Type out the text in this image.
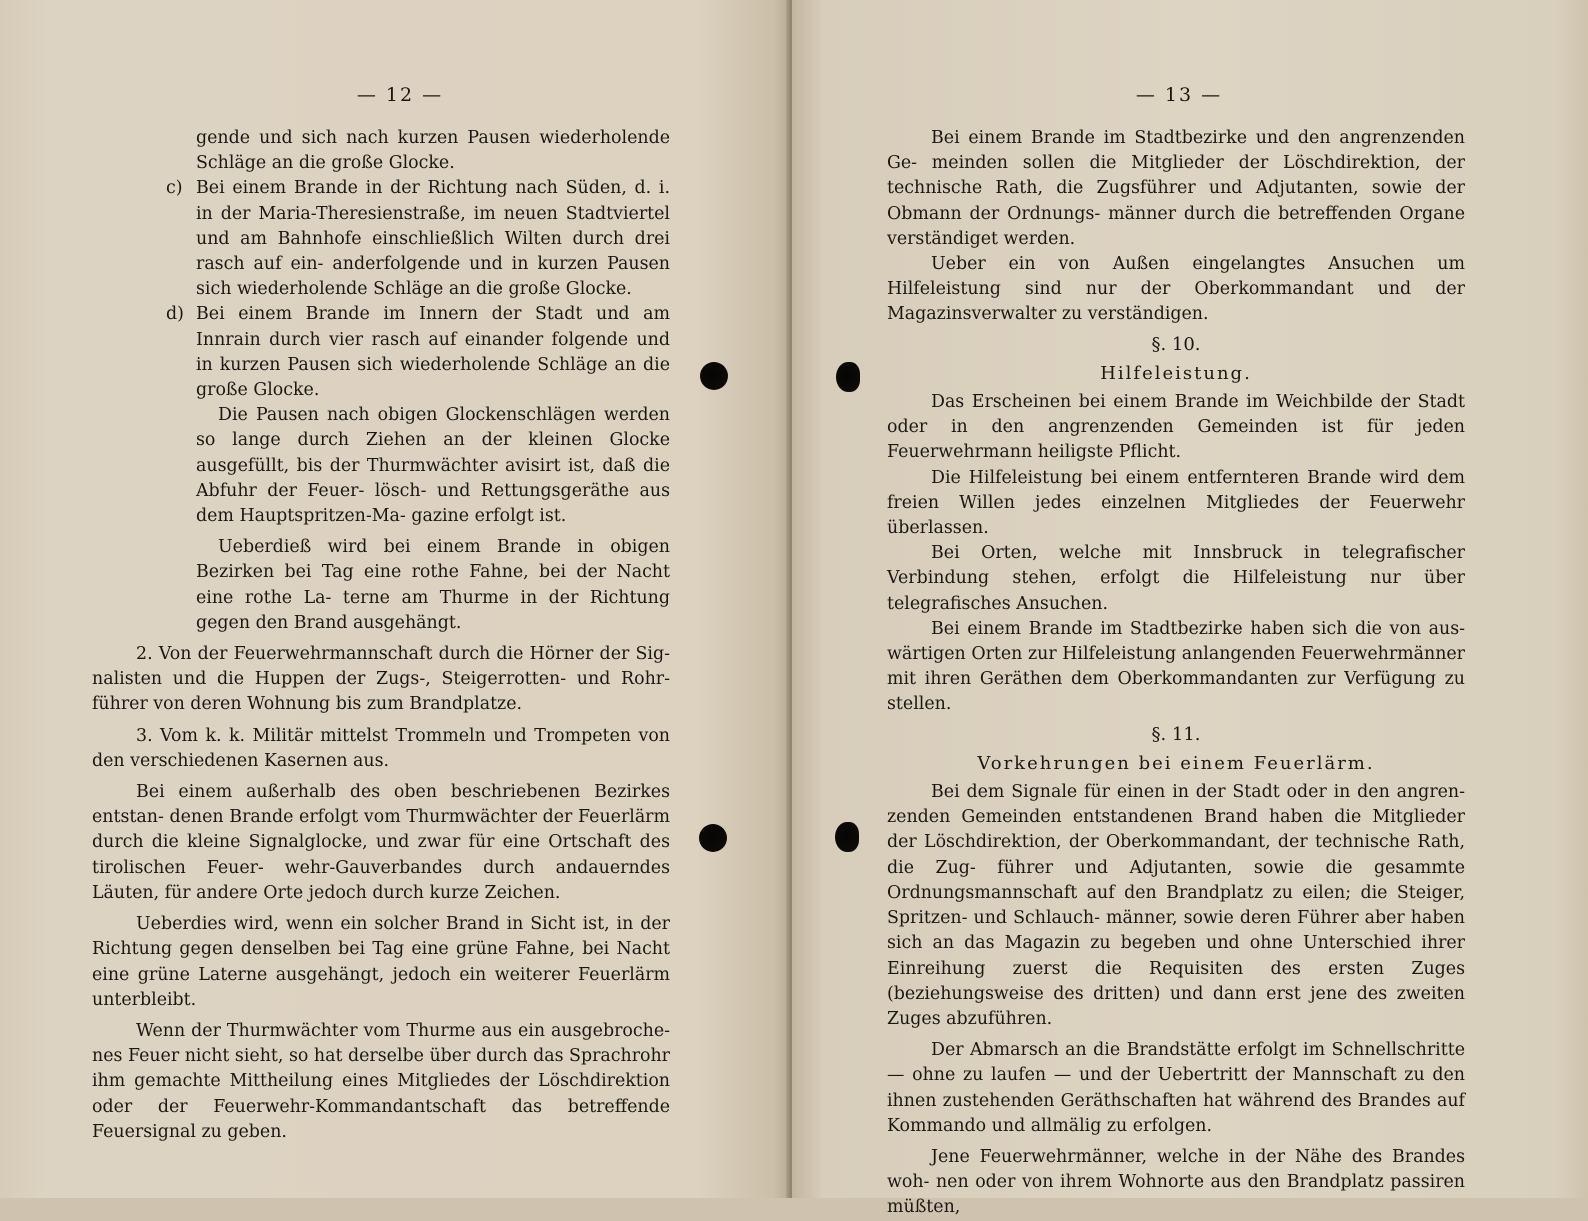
— 12 —

gende und sich nach kurzen Pausen wiederholende Schläge an die große Glocke.

c) Bei einem Brande in der Richtung nach Süden, d. i. in der Maria-Theresienstraße, im neuen Stadtviertel und am Bahnhofe einschließlich Wilten durch drei rasch auf ein- anderfolgende und in kurzen Pausen sich wiederholende Schläge an die große Glocke.

d) Bei einem Brande im Innern der Stadt und am Innrain durch vier rasch auf einander folgende und in kurzen Pausen sich wiederholende Schläge an die große Glocke.

Die Pausen nach obigen Glockenschlägen werden so lange durch Ziehen an der kleinen Glocke ausgefüllt, bis der Thurmwächter avisirt ist, daß die Abfuhr der Feuer- lösch- und Rettungsgeräthe aus dem Hauptspritzen-Ma- gazine erfolgt ist.

Ueberdieß wird bei einem Brande in obigen Bezirken bei Tag eine rothe Fahne, bei der Nacht eine rothe La- terne am Thurme in der Richtung gegen den Brand ausgehängt.

2. Von der Feuerwehrmannschaft durch die Hörner der Sig- nalisten und die Huppen der Zugs-, Steigerrotten- und Rohr- führer von deren Wohnung bis zum Brandplatze.

3. Vom k. k. Militär mittelst Trommeln und Trompeten von den verschiedenen Kasernen aus.

Bei einem außerhalb des oben beschriebenen Bezirkes entstan- denen Brande erfolgt vom Thurmwächter der Feuerlärm durch die kleine Signalglocke, und zwar für eine Ortschaft des tirolischen Feuer- wehr-Gauverbandes durch andauerndes Läuten, für andere Orte jedoch durch kurze Zeichen.

Ueberdies wird, wenn ein solcher Brand in Sicht ist, in der Richtung gegen denselben bei Tag eine grüne Fahne, bei Nacht eine grüne Laterne ausgehängt, jedoch ein weiterer Feuerlärm unterbleibt.

Wenn der Thurmwächter vom Thurme aus ein ausgebroche- nes Feuer nicht sieht, so hat derselbe über durch das Sprachrohr ihm gemachte Mittheilung eines Mitgliedes der Löschdirektion oder der Feuerwehr-Kommandantschaft das betreffende Feuersignal zu geben.

— 13 —

Bei einem Brande im Stadtbezirke und den angrenzenden Ge- meinden sollen die Mitglieder der Löschdirektion, der technische Rath, die Zugsführer und Adjutanten, sowie der Obmann der Ordnungs- männer durch die betreffenden Organe verständiget werden.

Ueber ein von Außen eingelangtes Ansuchen um Hilfeleistung sind nur der Oberkommandant und der Magazinsverwalter zu verständigen.

§. 10.
Hilfeleistung.

Das Erscheinen bei einem Brande im Weichbilde der Stadt oder in den angrenzenden Gemeinden ist für jeden Feuerwehrmann heiligste Pflicht.

Die Hilfeleistung bei einem entfernteren Brande wird dem freien Willen jedes einzelnen Mitgliedes der Feuerwehr überlassen.

Bei Orten, welche mit Innsbruck in telegrafischer Verbindung stehen, erfolgt die Hilfeleistung nur über telegrafisches Ansuchen.

Bei einem Brande im Stadtbezirke haben sich die von aus- wärtigen Orten zur Hilfeleistung anlangenden Feuerwehrmänner mit ihren Geräthen dem Oberkommandanten zur Verfügung zu stellen.

§. 11.
Vorkehrungen bei einem Feuerlärm.

Bei dem Signale für einen in der Stadt oder in den angren- zenden Gemeinden entstandenen Brand haben die Mitglieder der Löschdirektion, der Oberkommandant, der technische Rath, die Zug- führer und Adjutanten, sowie die gesammte Ordnungsmannschaft auf den Brandplatz zu eilen; die Steiger, Spritzen- und Schlauch- männer, sowie deren Führer aber haben sich an das Magazin zu begeben und ohne Unterschied ihrer Einreihung zuerst die Requisiten des ersten Zuges (beziehungsweise des dritten) und dann erst jene des zweiten Zuges abzuführen.

Der Abmarsch an die Brandstätte erfolgt im Schnellschritte — ohne zu laufen — und der Uebertritt der Mannschaft zu den ihnen zustehenden Geräthschaften hat während des Brandes auf Kommando und allmälig zu erfolgen.

Jene Feuerwehrmänner, welche in der Nähe des Brandes woh- nen oder von ihrem Wohnorte aus den Brandplatz passiren müßten,
